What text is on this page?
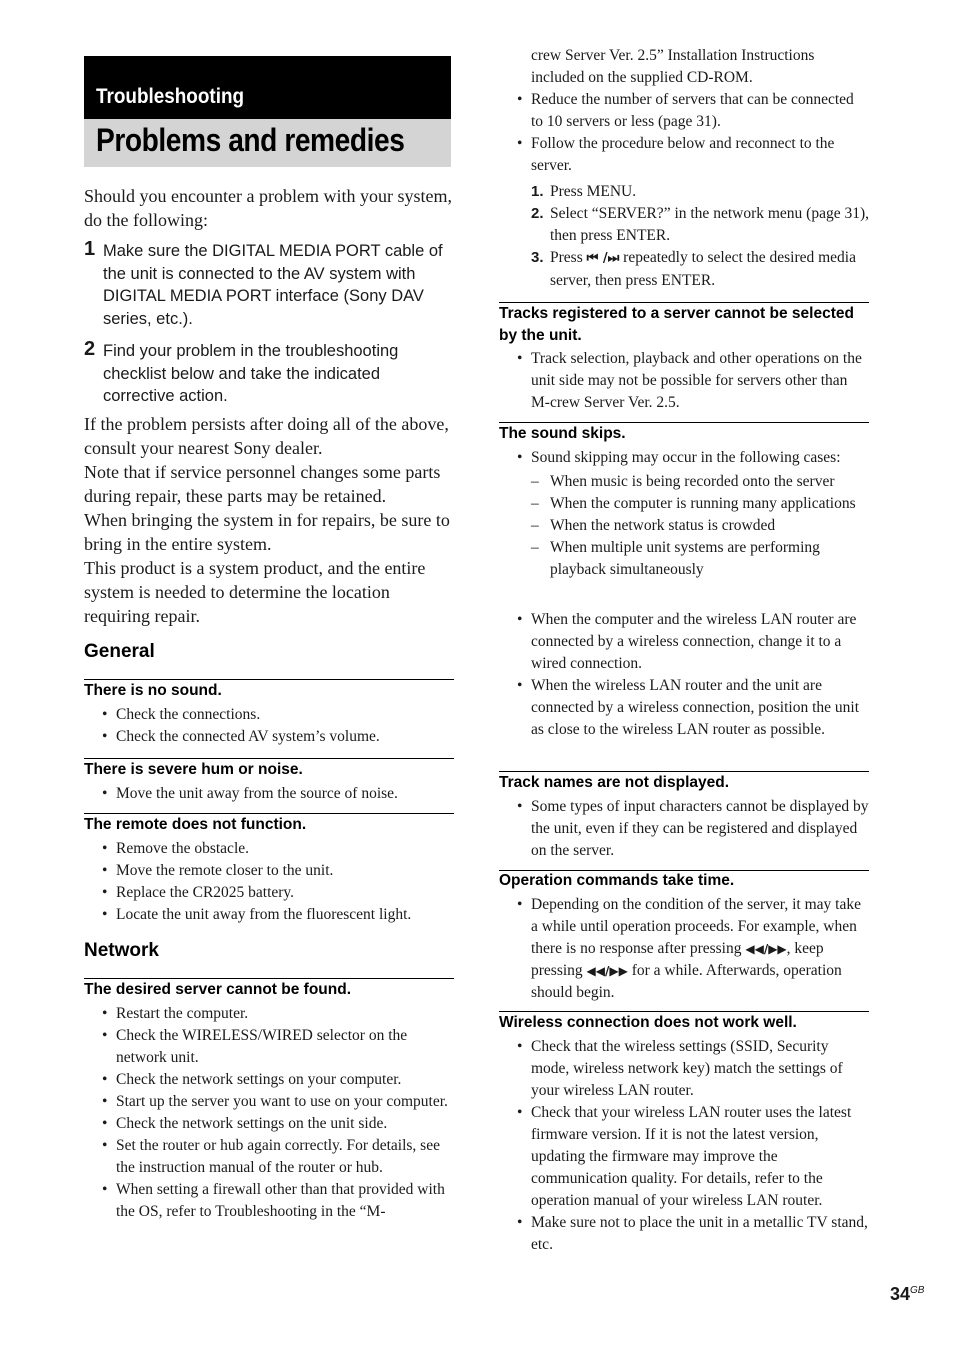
Troubleshooting
Problems and remedies
Should you encounter a problem with your system, do the following:
1 Make sure the DIGITAL MEDIA PORT cable of the unit is connected to the AV system with DIGITAL MEDIA PORT interface (Sony DAV series, etc.).
2 Find your problem in the troubleshooting checklist below and take the indicated corrective action.
If the problem persists after doing all of the above, consult your nearest Sony dealer.
Note that if service personnel changes some parts during repair, these parts may be retained.
When bringing the system in for repairs, be sure to bring in the entire system.
This product is a system product, and the entire system is needed to determine the location requiring repair.
General
There is no sound.
• Check the connections.
• Check the connected AV system’s volume.
There is severe hum or noise.
• Move the unit away from the source of noise.
The remote does not function.
• Remove the obstacle.
• Move the remote closer to the unit.
• Replace the CR2025 battery.
• Locate the unit away from the fluorescent light.
Network
The desired server cannot be found.
• Restart the computer.
• Check the WIRELESS/WIRED selector on the network unit.
• Check the network settings on your computer.
• Start up the server you want to use on your computer.
• Check the network settings on the unit side.
• Set the router or hub again correctly. For details, see the instruction manual of the router or hub.
• When setting a firewall other than that provided with the OS, refer to Troubleshooting in the “M-
crew Server Ver. 2.5” Installation Instructions included on the supplied CD-ROM.
• Reduce the number of servers that can be connected to 10 servers or less (page 31).
• Follow the procedure below and reconnect to the server.
1. Press MENU.
2. Select “SERVER?” in the network menu (page 31), then press ENTER.
3. Press ⏮ /⏭ repeatedly to select the desired media server, then press ENTER.
Tracks registered to a server cannot be selected by the unit.
• Track selection, playback and other operations on the unit side may not be possible for servers other than M-crew Server Ver. 2.5.
The sound skips.
• Sound skipping may occur in the following cases:
– When music is being recorded onto the server
– When the computer is running many applications
– When the network status is crowded
– When multiple unit systems are performing playback simultaneously
• When the computer and the wireless LAN router are connected by a wireless connection, change it to a wired connection.
• When the wireless LAN router and the unit are connected by a wireless connection, position the unit as close to the wireless LAN router as possible.
Track names are not displayed.
• Some types of input characters cannot be displayed by the unit, even if they can be registered and displayed on the server.
Operation commands take time.
• Depending on the condition of the server, it may take a while until operation proceeds. For example, when there is no response after pressing ◀◀/▶▶, keep pressing ◀◀/▶▶ for a while. Afterwards, operation should begin.
Wireless connection does not work well.
• Check that the wireless settings (SSID, Security mode, wireless network key) match the settings of your wireless LAN router.
• Check that your wireless LAN router uses the latest firmware version. If it is not the latest version, updating the firmware may improve the communication quality. For details, refer to the operation manual of your wireless LAN router.
• Make sure not to place the unit in a metallic TV stand, etc.
$34^{GB}$
